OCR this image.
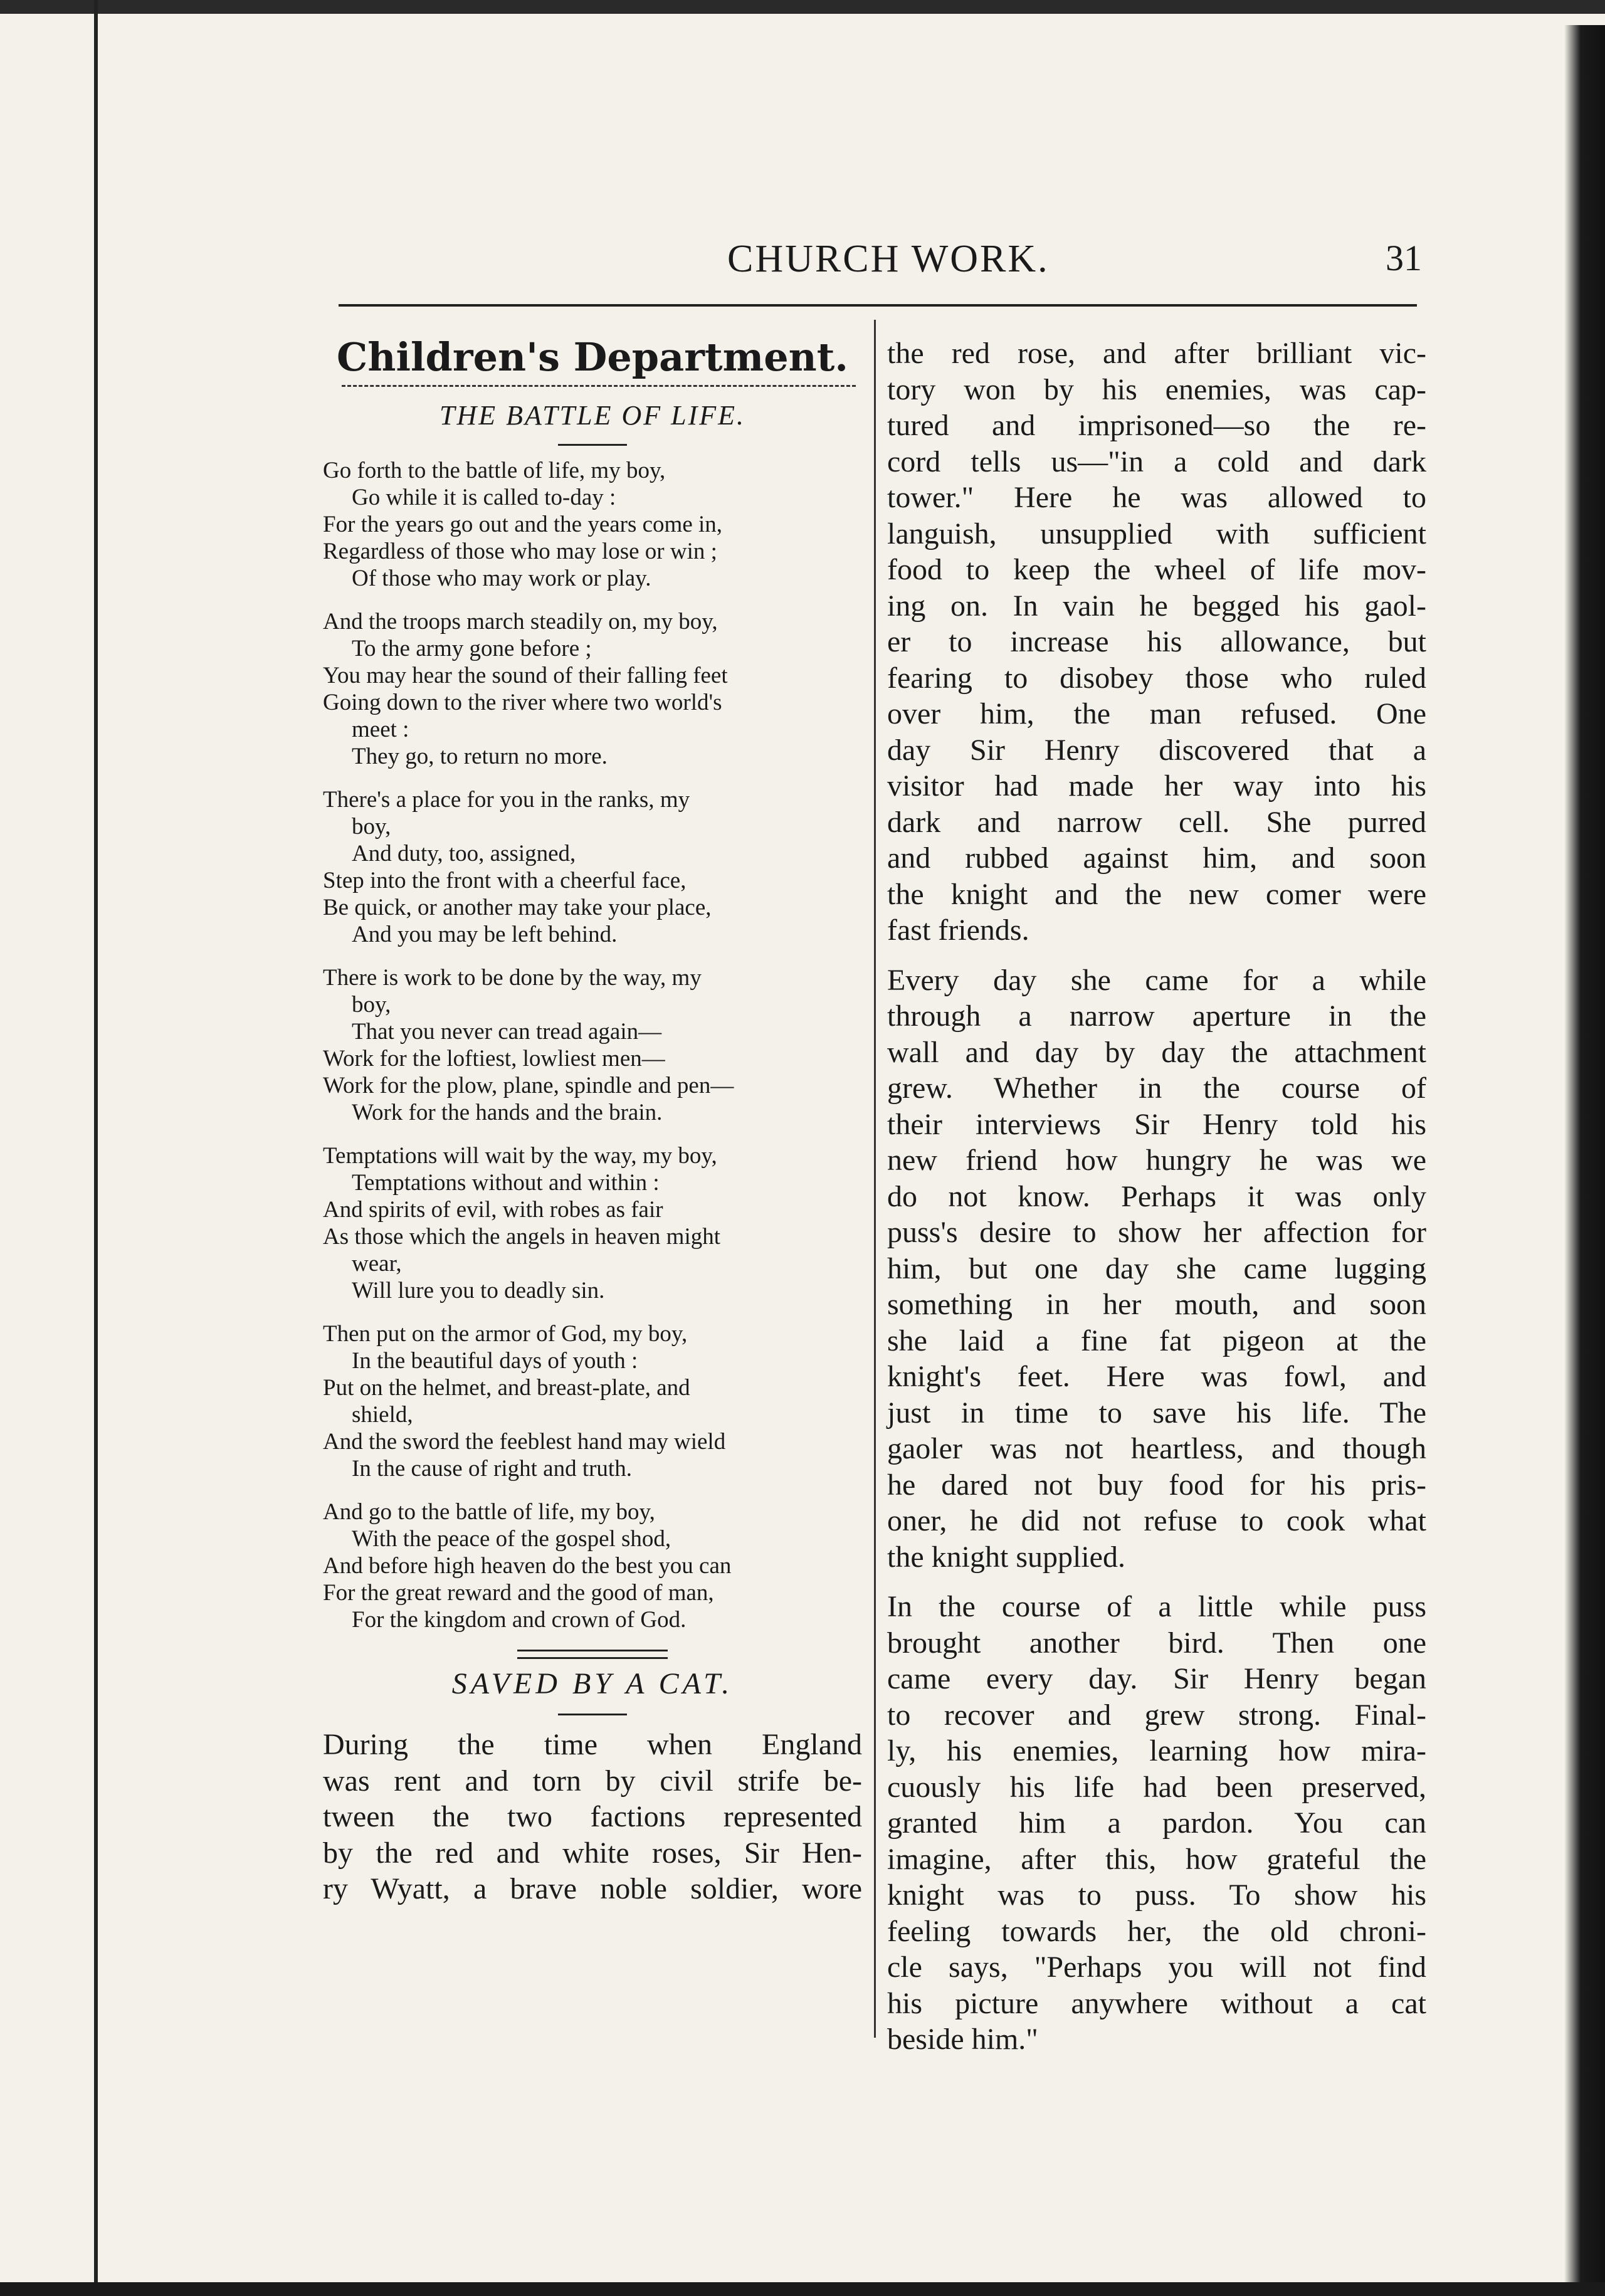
CHURCH WORK.	31
Children's Department.
THE BATTLE OF LIFE.
Go forth to the battle of life, my boy,
Go while it is called to-day :
For the years go out and the years come in,
Regardless of those who may lose or win ;
Of those who may work or play.
And the troops march steadily on, my boy,
To the army gone before ;
You may hear the sound of their falling feet
Going down to the river where two world's
meet :
They go, to return no more.
There's a place for you in the ranks, my
boy,
And duty, too, assigned,
Step into the front with a cheerful face,
Be quick, or another may take your place,
And you may be left behind.
There is work to be done by the way, my
boy,
That you never can tread again—
Work for the loftiest, lowliest men—
Work for the plow, plane, spindle and pen—
Work for the hands and the brain.
Temptations will wait by the way, my boy,
Temptations without and within :
And spirits of evil, with robes as fair
As those which the angels in heaven might
wear,
Will lure you to deadly sin.
Then put on the armor of God, my boy,
In the beautiful days of youth :
Put on the helmet, and breast-plate, and
shield,
And the sword the feeblest hand may wield
In the cause of right and truth.
And go to the battle of life, my boy,
With the peace of the gospel shod,
And before high heaven do the best you can
For the great reward and the good of man,
For the kingdom and crown of God.
SAVED BY A CAT.
During the time when England
was rent and torn by civil strife be-
tween the two factions represented
by the red and white roses, Sir Hen-
ry Wyatt, a brave noble soldier, wore
the red rose, and after brilliant vic-
tory won by his enemies, was cap-
tured and imprisoned—so the re-
cord tells us—"in a cold and dark
tower." Here he was allowed to
languish, unsupplied with sufficient
food to keep the wheel of life mov-
ing on. In vain he begged his gaol-
er to increase his allowance, but
fearing to disobey those who ruled
over him, the man refused. One
day Sir Henry discovered that a
visitor had made her way into his
dark and narrow cell. She purred
and rubbed against him, and soon
the knight and the new comer were
fast friends.
Every day she came for a while
through a narrow aperture in the
wall and day by day the attachment
grew. Whether in the course of
their interviews Sir Henry told his
new friend how hungry he was we
do not know. Perhaps it was only
puss's desire to show her affection for
him, but one day she came lugging
something in her mouth, and soon
she laid a fine fat pigeon at the
knight's feet. Here was fowl, and
just in time to save his life. The
gaoler was not heartless, and though
he dared not buy food for his pris-
oner, he did not refuse to cook what
the knight supplied.
In the course of a little while puss
brought another bird. Then one
came every day. Sir Henry began
to recover and grew strong. Final-
ly, his enemies, learning how mira-
cuously his life had been preserved,
granted him a pardon. You can
imagine, after this, how grateful the
knight was to puss. To show his
feeling towards her, the old chroni-
cle says, "Perhaps you will not find
his picture anywhere without a cat
beside him."
